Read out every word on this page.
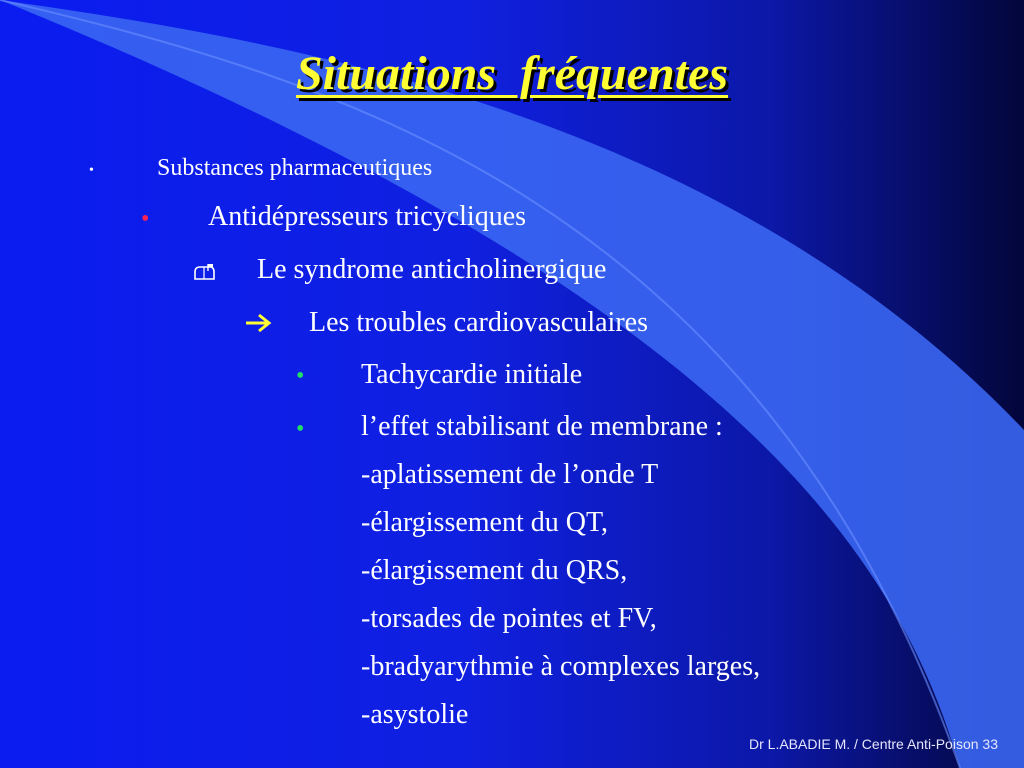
Situations  fréquentes
•	Substances pharmaceutiques
• Antidépresseurs tricycliques
Le syndrome anticholinergique
Les troubles cardiovasculaires
• Tachycardie initiale
• l’effet stabilisant de membrane :
-aplatissement de l’onde T
-élargissement du QT,
-élargissement du QRS,
-torsades de pointes et FV,
-bradyarythmie à complexes larges,
-asystolie
Dr L.ABADIE M. / Centre Anti-Poison 33
